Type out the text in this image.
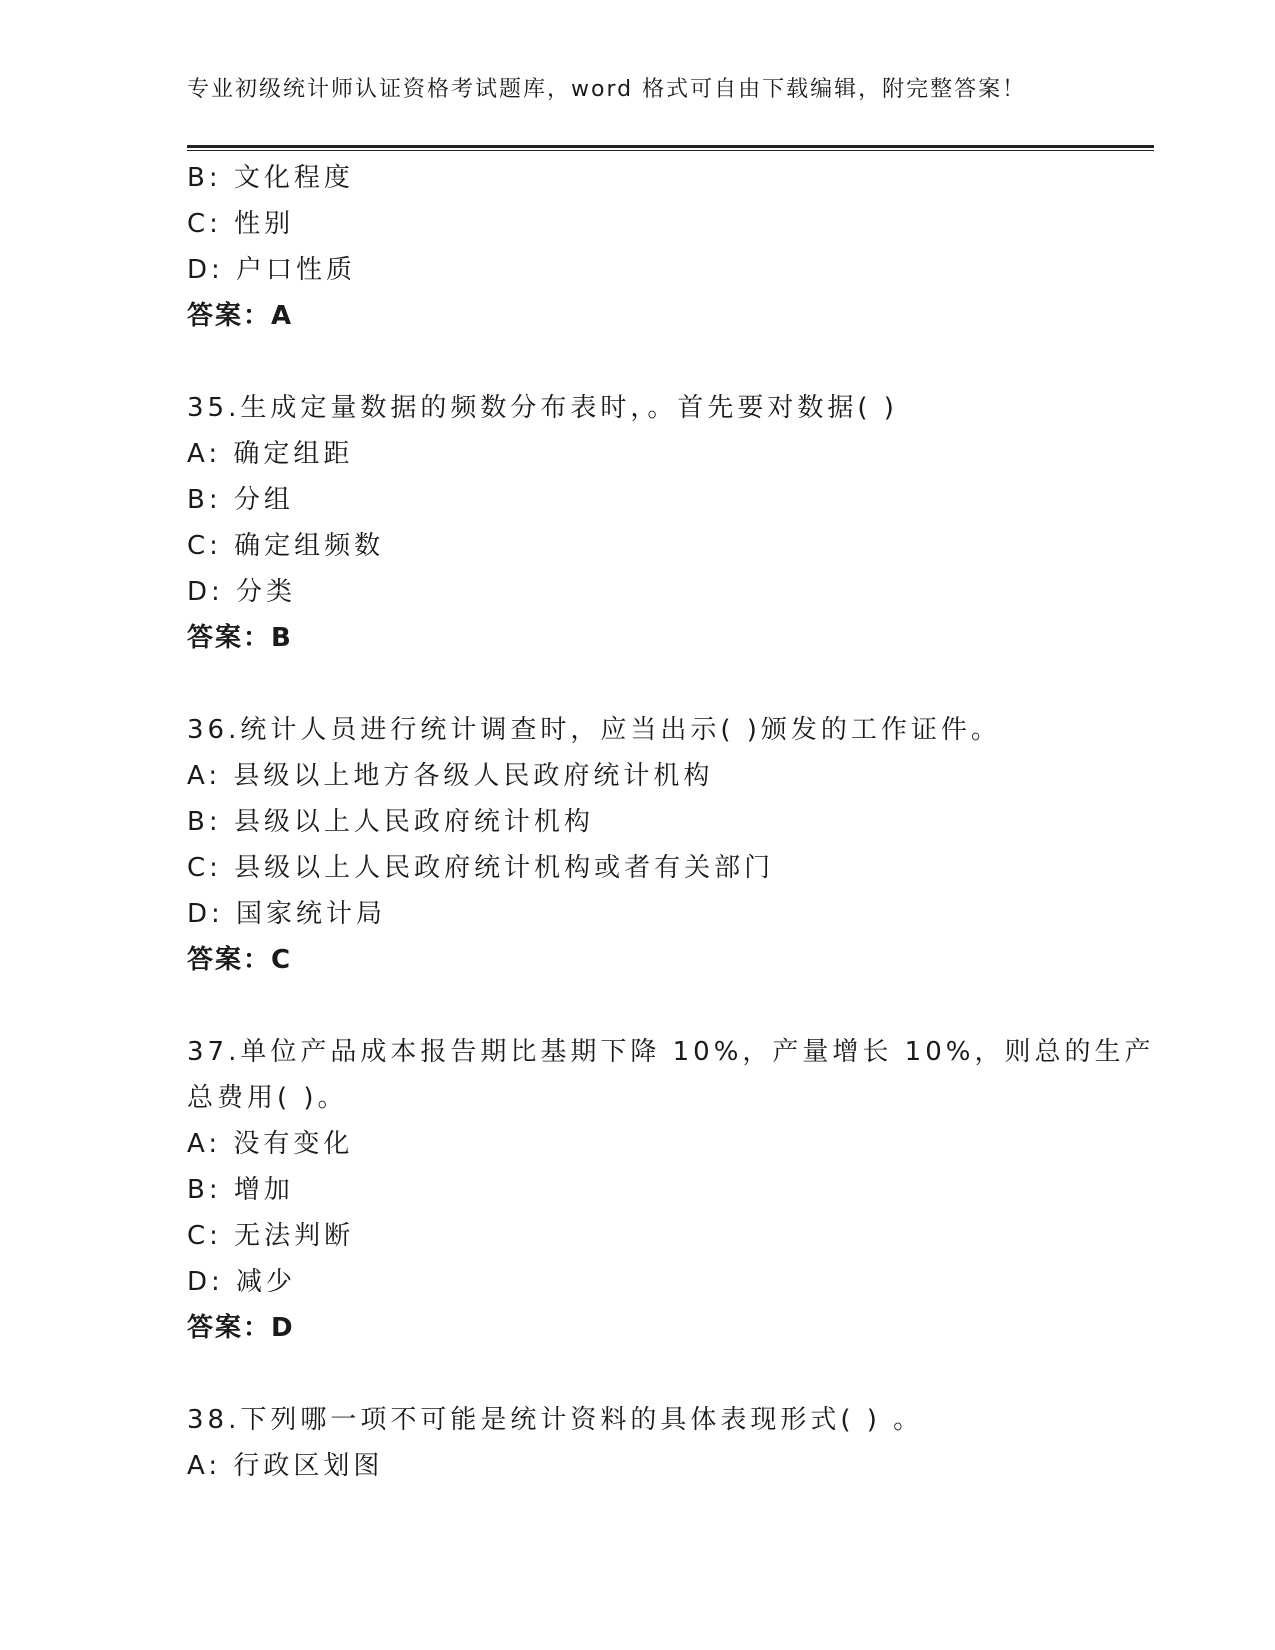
专业初级统计师认证资格考试题库，word 格式可自由下载编辑，附完整答案！
B: 文化程度
C: 性别
D: 户口性质
答案：A
35.生成定量数据的频数分布表时，。首先要对数据( )
A: 确定组距
B: 分组
C: 确定组频数
D: 分类
答案：B
36.统计人员进行统计调查时，应当出示( )颁发的工作证件。
A: 县级以上地方各级人民政府统计机构
B: 县级以上人民政府统计机构
C: 县级以上人民政府统计机构或者有关部门
D: 国家统计局
答案：C
37.单位产品成本报告期比基期下降 10%，产量增长 10%，则总的生产
总费用( )。
A: 没有变化
B: 增加
C: 无法判断
D: 减少
答案：D
38.下列哪一项不可能是统计资料的具体表现形式( ) 。
A: 行政区划图
